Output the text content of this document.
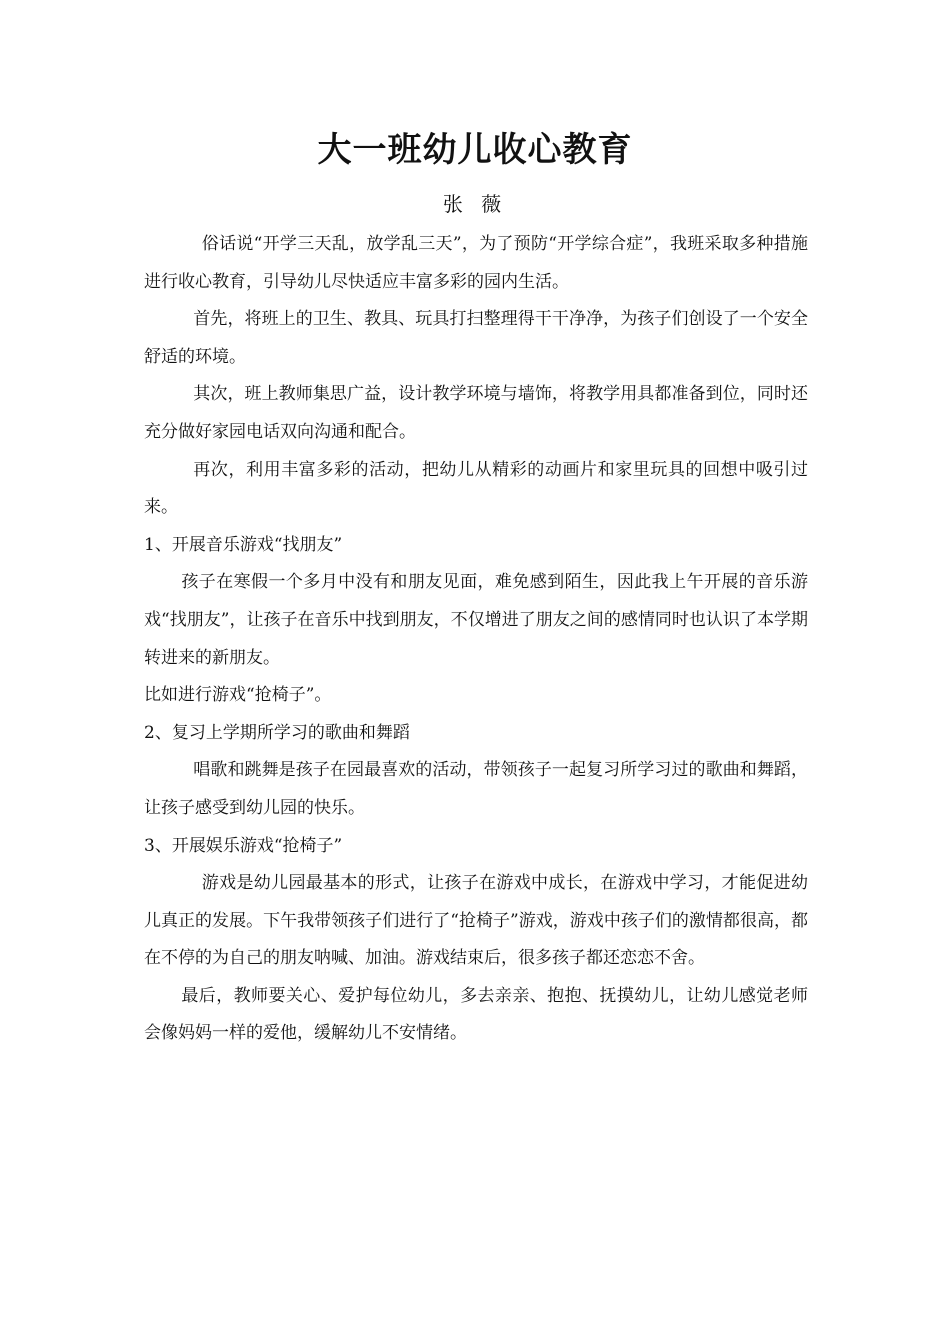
大一班幼儿收心教育
张 薇

俗话说“开学三天乱，放学乱三天”，为了预防“开学综合症”，我班采取多种措施进行收心教育，引导幼儿尽快适应丰富多彩的园内生活。

首先，将班上的卫生、教具、玩具打扫整理得干干净净，为孩子们创设了一个安全舒适的环境。

其次，班上教师集思广益，设计教学环境与墙饰，将教学用具都准备到位，同时还充分做好家园电话双向沟通和配合。

再次，利用丰富多彩的活动，把幼儿从精彩的动画片和家里玩具的回想中吸引过来。

1、开展音乐游戏“找朋友”

孩子在寒假一个多月中没有和朋友见面，难免感到陌生，因此我上午开展的音乐游戏“找朋友”，让孩子在音乐中找到朋友，不仅增进了朋友之间的感情同时也认识了本学期转进来的新朋友。

比如进行游戏“抢椅子”。

2、复习上学期所学习的歌曲和舞蹈

唱歌和跳舞是孩子在园最喜欢的活动，带领孩子一起复习所学习过的歌曲和舞蹈，让孩子感受到幼儿园的快乐。

3、开展娱乐游戏“抢椅子”

游戏是幼儿园最基本的形式，让孩子在游戏中成长，在游戏中学习，才能促进幼儿真正的发展。下午我带领孩子们进行了“抢椅子”游戏，游戏中孩子们的激情都很高，都在不停的为自己的朋友呐喊、加油。游戏结束后，很多孩子都还恋恋不舍。

最后，教师要关心、爱护每位幼儿，多去亲亲、抱抱、抚摸幼儿，让幼儿感觉老师会像妈妈一样的爱他，缓解幼儿不安情绪。
